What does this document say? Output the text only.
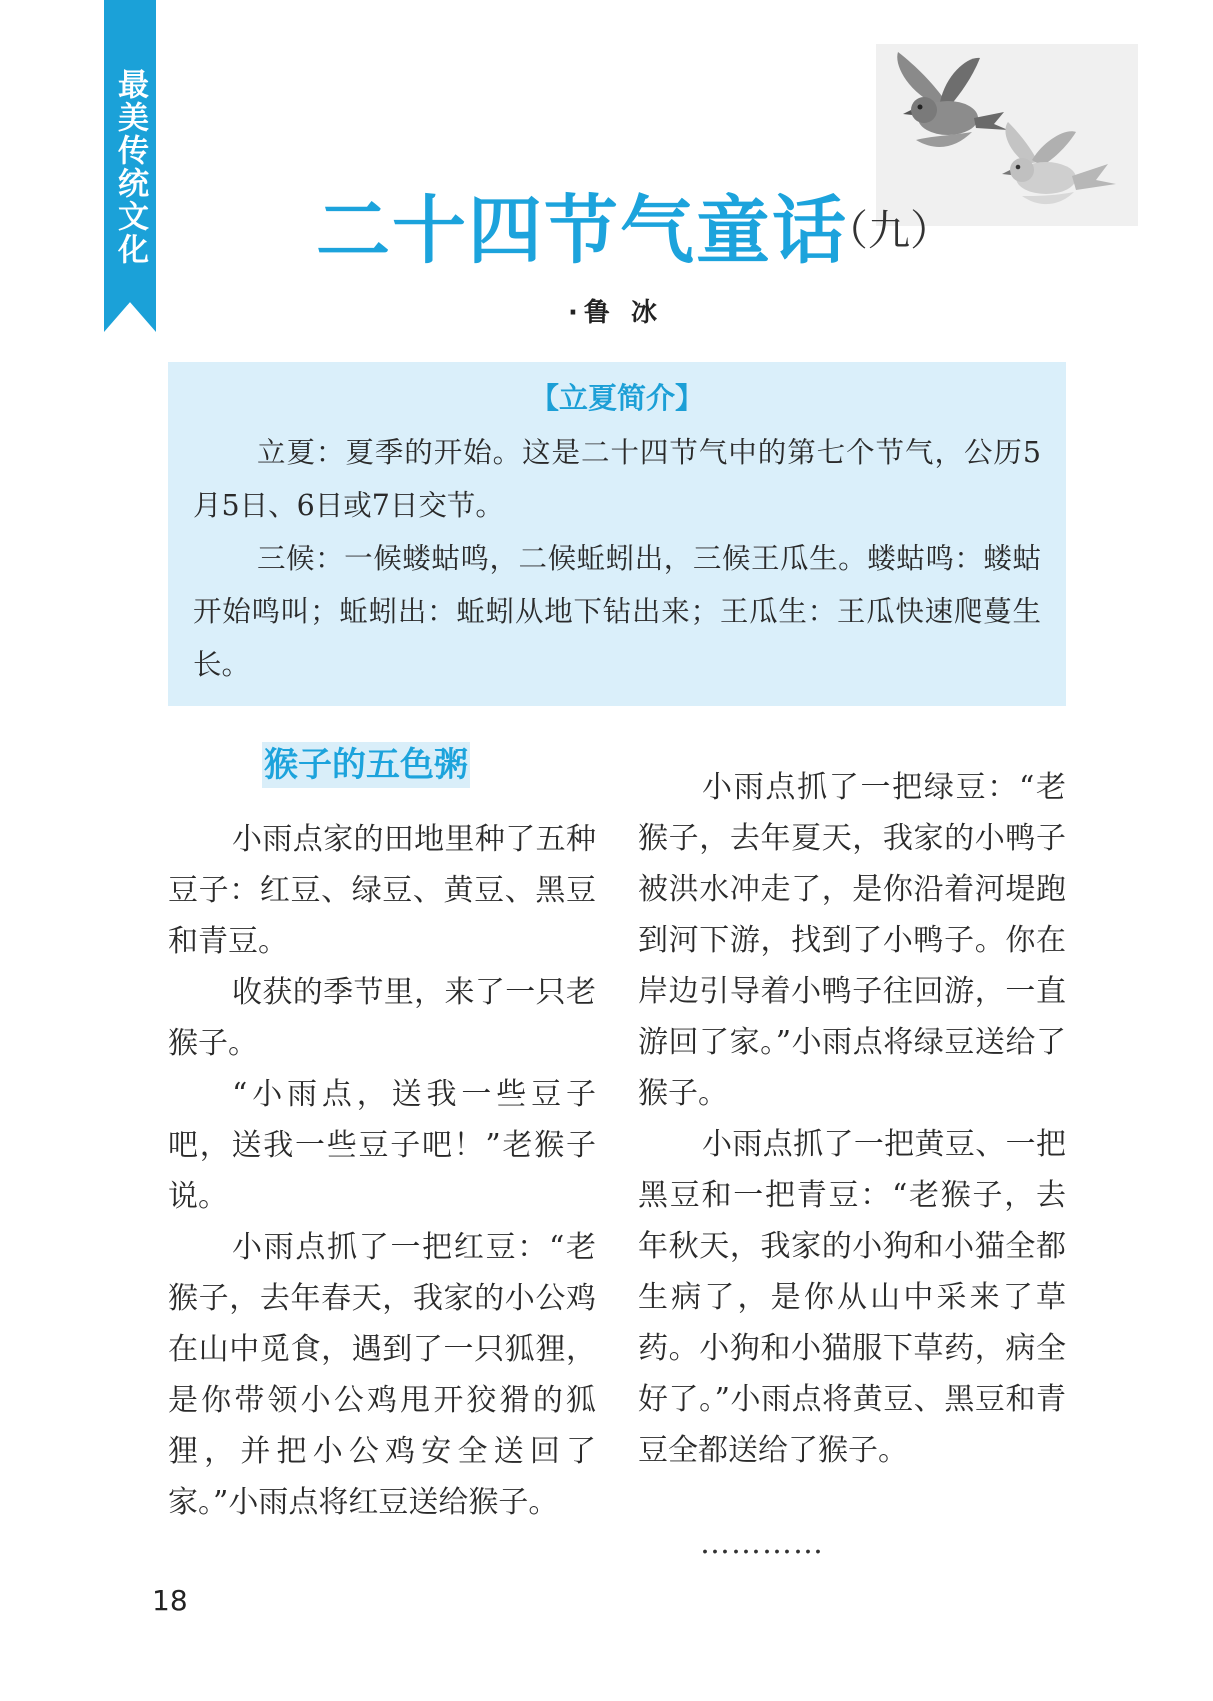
最美传统文化 二十四节气童话
（九）
· 鲁 冰
【立夏简介】

立夏：夏季的开始。这是二十四节气中的第七个节气，公历5月5日、6日或7日交节。

三候：一候蝼蛄鸣，二候蚯蚓出，三候王瓜生。蝼蛄鸣：蝼蛄开始鸣叫；蚯蚓出：蚯蚓从地下钻出来；王瓜生：王瓜快速爬蔓生长。

猴子的五色粥

小雨点家的田地里种了五种豆子：红豆、绿豆、黄豆、黑豆和青豆。

收获的季节里，来了一只老猴子。

“小雨点，送我一些豆子吧，送我一些豆子吧！”老猴子说。

小雨点抓了一把红豆：“老猴子，去年春天，我家的小公鸡在山中觅食，遇到了一只狐狸，是你带领小公鸡甩开狡猾的狐狸，并把小公鸡安全送回了家。”小雨点将红豆送给猴子。

小雨点抓了一把绿豆：“老猴子，去年夏天，我家的小鸭子被洪水冲走了，是你沿着河堤跑到河下游，找到了小鸭子。你在岸边引导着小鸭子往回游，一直游回了家。”小雨点将绿豆送给了猴子。

小雨点抓了一把黄豆、一把黑豆和一把青豆：“老猴子，去年秋天，我家的小狗和小猫全都生病了，是你从山中采来了草药。小狗和小猫服下草药，病全好了。”小雨点将黄豆、黑豆和青豆全都送给了猴子。

…………
18
